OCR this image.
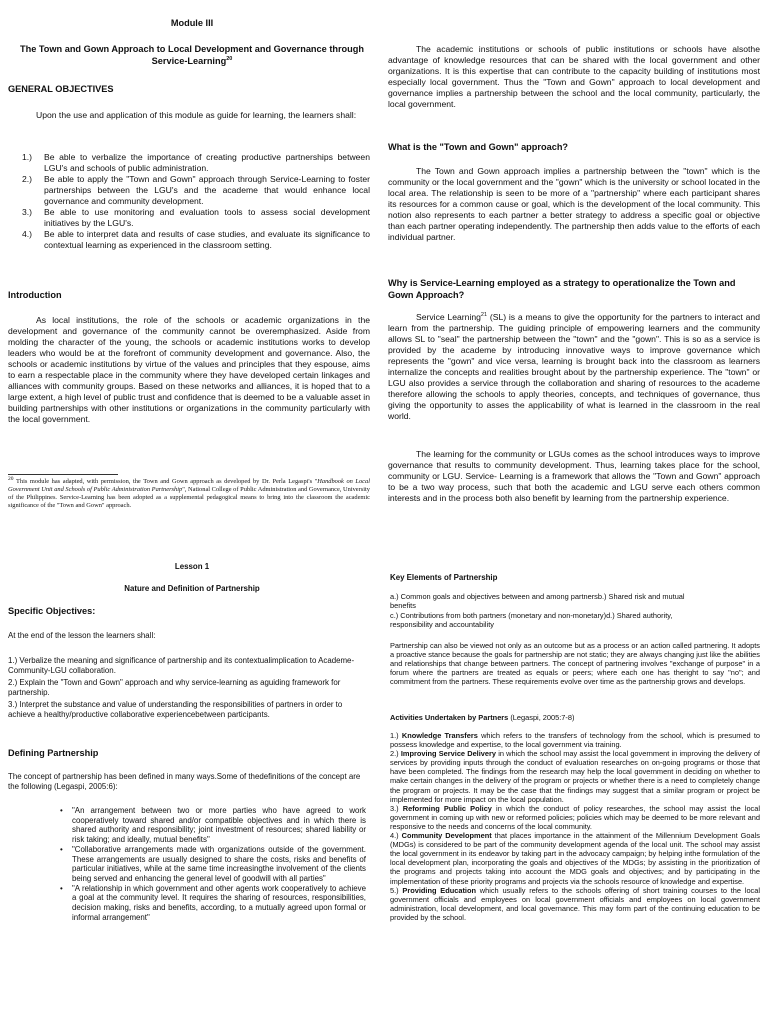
Module III
The Town and Gown Approach to Local Development and Governance through
Service-Learning$^{20}$
GENERAL OBJECTIVES

Upon the use and application of this module as guide for learning, the learners shall:

1.) Be able to verbalize the importance of creating productive partnerships between LGU's and schools of public administration.
2.) Be able to apply the "Town and Gown" approach through Service-Learning to foster partnerships between the LGU's and the academe that would enhance local governance and community development.
3.) Be able to use monitoring and evaluation tools to assess social development initiatives by the LGU's.
4.) Be able to interpret data and results of case studies, and evaluate its significance to contextual learning as experienced in the classroom setting.
Introduction

As local institutions, the role of the schools or academic organizations in the development and governance of the community cannot be overemphasized. Aside from molding the character of the young, the schools or academic institutions works to develop leaders who would be at the forefront of community development and governance. Also, the schools or academic institutions by virtue of the values and principles that they espouse, aims to earn a respectable place in the community where they have developed certain linkages and alliances with community groups. Based on these networks and alliances, it is hoped that to a large extent, a high level of public trust and confidence that is deemed to be a valuable asset in building partnerships with other institutions or organizations in the community particularly with the local government.

$^{20}$ This module has adapted, with permission, the Town and Gown approach as developed by Dr. Perla Legaspi's "Handbook on Local Government Unit and Schools of Public Administration Partnership", National College of Public Administration and Governance, University of the Philippines. Service-Learning has been adopted as a supplemental pedagogical means to bring into the classroom the academic significance of the "Town and Gown" approach.

The academic institutions or schools of public institutions or schools have alsothe advantage of knowledge resources that can be shared with the local government and other organizations. It is this expertise that can contribute to the capacity building of institutions most especially local government. Thus the "Town and Gown" approach to local development and governance implies a partnership between the school and the local community, particularly, the local government.

What is the "Town and Gown" approach?

The Town and Gown approach implies a partnership between the "town" which is the community or the local government and the "gown" which is the university or school located in the local area. The relationship is seen to be more of a "partnership" where each participant shares its resources for a common cause or goal, which is the development of the local community. This notion also represents to each partner a better strategy to address a specific goal or objective than each partner operating independently. The partnership then adds value to the efforts of each individual partner.

Why is Service-Learning employed as a strategy to operationalize the Town and Gown Approach?

Service Learning$^{21}$ (SL) is a means to give the opportunity for the partners to interact and learn from the partnership. The guiding principle of empowering learners and the community allows SL to "seal" the partnership between the "town" and the "gown". This is so as a service is provided by the academe by introducing innovative ways to improve governance which represents the "gown" and vice versa, learning is brought back into the classroom as learners internalize the concepts and realities brought about by the partnership experience. The "town" or LGU also provides a service through the collaboration and sharing of resources to the academe therefore allowing the schools to apply theories, concepts, and techniques of governance, thus giving the opportunity to asses the applicability of what is learned in the classroom in the real world.

The learning for the community or LGUs comes as the school introduces ways to improve governance that results to community development. Thus, learning takes place for the school, community or LGU. Service- Learning is a framework that allows the "Town and Gown" approach to be a two way process, such that both the academic and LGU serve each others common interests and in the process both also benefit by learning from the partnership experience.

Lesson 1
Nature and Definition of Partnership
Specific Objectives:

At the end of the lesson the learners shall:

1.) Verbalize the meaning and significance of partnership and its contextualimplication to Academe-Community-LGU collaboration.

2.) Explain the "Town and Gown" approach and why service-learning as aguiding framework for partnership.

3.) Interpret the substance and value of understanding the responsibilities of partners in order to achieve a healthy/productive collaborative experiencebetween participants.

Defining Partnership

The concept of partnership has been defined in many ways.Some of thedefinitions of the concept are the following (Legaspi, 2005:6):

• "An arrangement between two or more parties who have agreed to work cooperatively toward shared and/or compatible objectives and in which there is shared authority and responsibility; joint investment of resources; shared liability or risk taking; and ideally, mutual benefits"
• "Collaborative arrangements made with organizations outside of the government. These arrangements are usually designed to share the costs, risks and benefits of particular initiatives, while at the same time increasingthe involvement of the clients being served and enhancing the general level of goodwill with all parties"
• "A relationship in which government and other agents work cooperatively to achieve a goal at the community level. It requires the sharing of resources, responsibilities, decision making, risks and benefits, according, to a mutually agreed upon formal or informal arrangement"
Key Elements of Partnership

a.) Common goals and objectives between and among partnersb.) Shared risk and mutual benefits

c.) Contributions from both partners (monetary and non-monetary)d.) Shared authority, responsibility and accountability

Partnership can also be viewed not only as an outcome but as a process or an action called partnering. It adopts a proactive stance because the goals for partnership are not static; they are always changing just like the abilities and relationships that change between partners. The concept of partnering involves "exchange of purpose" in a forum where the partners are treated as equals or peers; where each one has theright to say "no"; and commitment from the partners. These requirements evolve over time as the partnership grows and develops.

Activities Undertaken by Partners (Legaspi, 2005:7-8)

1.) Knowledge Transfers which refers to the transfers of technology from the school, which is presumed to possess knowledge and expertise, to the local government via training.

2.) Improving Service Delivery in which the school may assist the local government in improving the delivery of services by providing inputs through the conduct of evaluation researches on on-going programs or those that have been completed. The findings from the research may help the local government in deciding on whether to make certain changes in the delivery of the program or projects or whether there is a need to completely change the program or projects. It may be the case that the findings may suggest that a similar program or project be implemented for more impact on the local population.

3.) Reforming Public Policy in which the conduct of policy researches, the school may assist the local government in coming up with new or reformed policies; policies which may be deemed to be more relevant and responsive to the needs and concerns of the local community.

4.) Community Development that places importance in the attainment of the Millennium Development Goals (MDGs) is considered to be part of the community development agenda of the local unit. The school may assist the local government in its endeavor by taking part in the advocacy campaign; by helping inthe formulation of the local development plan, incorporating the goals and objectives of the MDGs; by assisting in the prioritization of the programs and projects taking into account the MDG goals and objectives; and by participating in the implementation of these priority programs and projects via the schools resource of knowledge and expertise.

5.) Providing Education which usually refers to the schools offering of short training courses to the local government officials and employees on local government officials and employees on local government administration, local development, and local governance. This may form part of the continuing education to be provided by the school.
